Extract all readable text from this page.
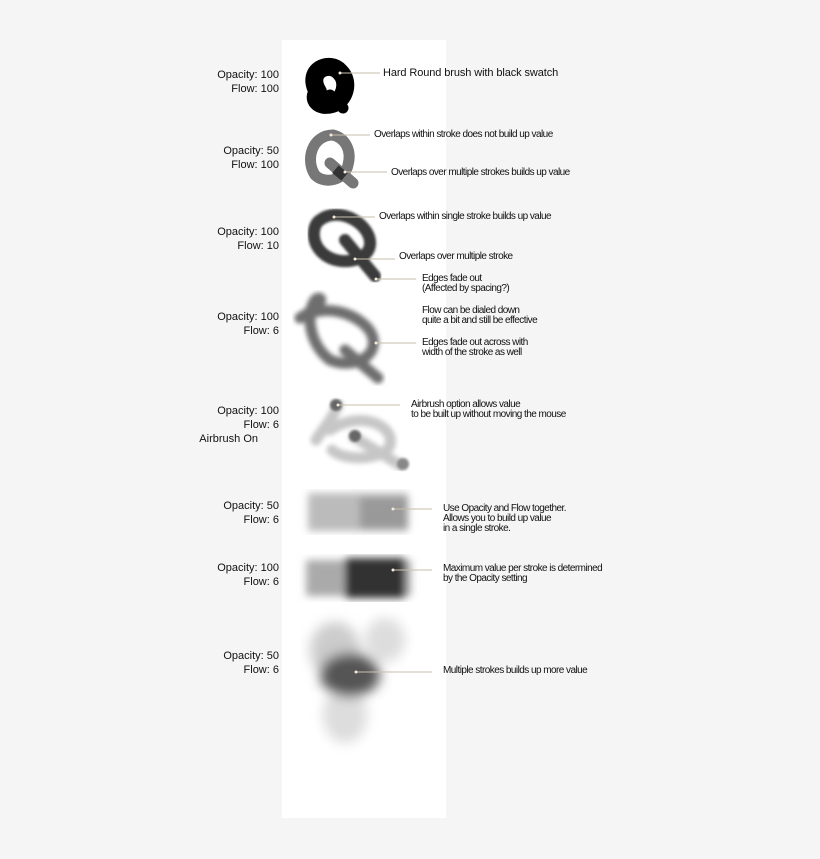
Opacity: 100
Flow: 100
Opacity: 50
Flow: 100
Opacity: 100
Flow: 10
Opacity: 100
Flow: 6
Opacity: 100
Flow: 6
Airbrush On
Opacity: 50
Flow: 6
Opacity: 100
Flow: 6
Opacity: 50
Flow: 6
Hard Round brush with black swatch
Overlaps within stroke does not build up value
Overlaps over multiple strokes builds up value
Overlaps within single stroke builds up value
Overlaps over multiple stroke
Edges fade out
(Affected by spacing?)
Flow can be dialed down
quite a bit and still be effective
Edges fade out across with
width of the stroke as well
Airbrush option allows value
to be built up without moving the mouse
Use Opacity and Flow together.
Allows you to build up value
in a single stroke.
Maximum value per stroke is determined
by the Opacity setting
Multiple strokes builds up more value
